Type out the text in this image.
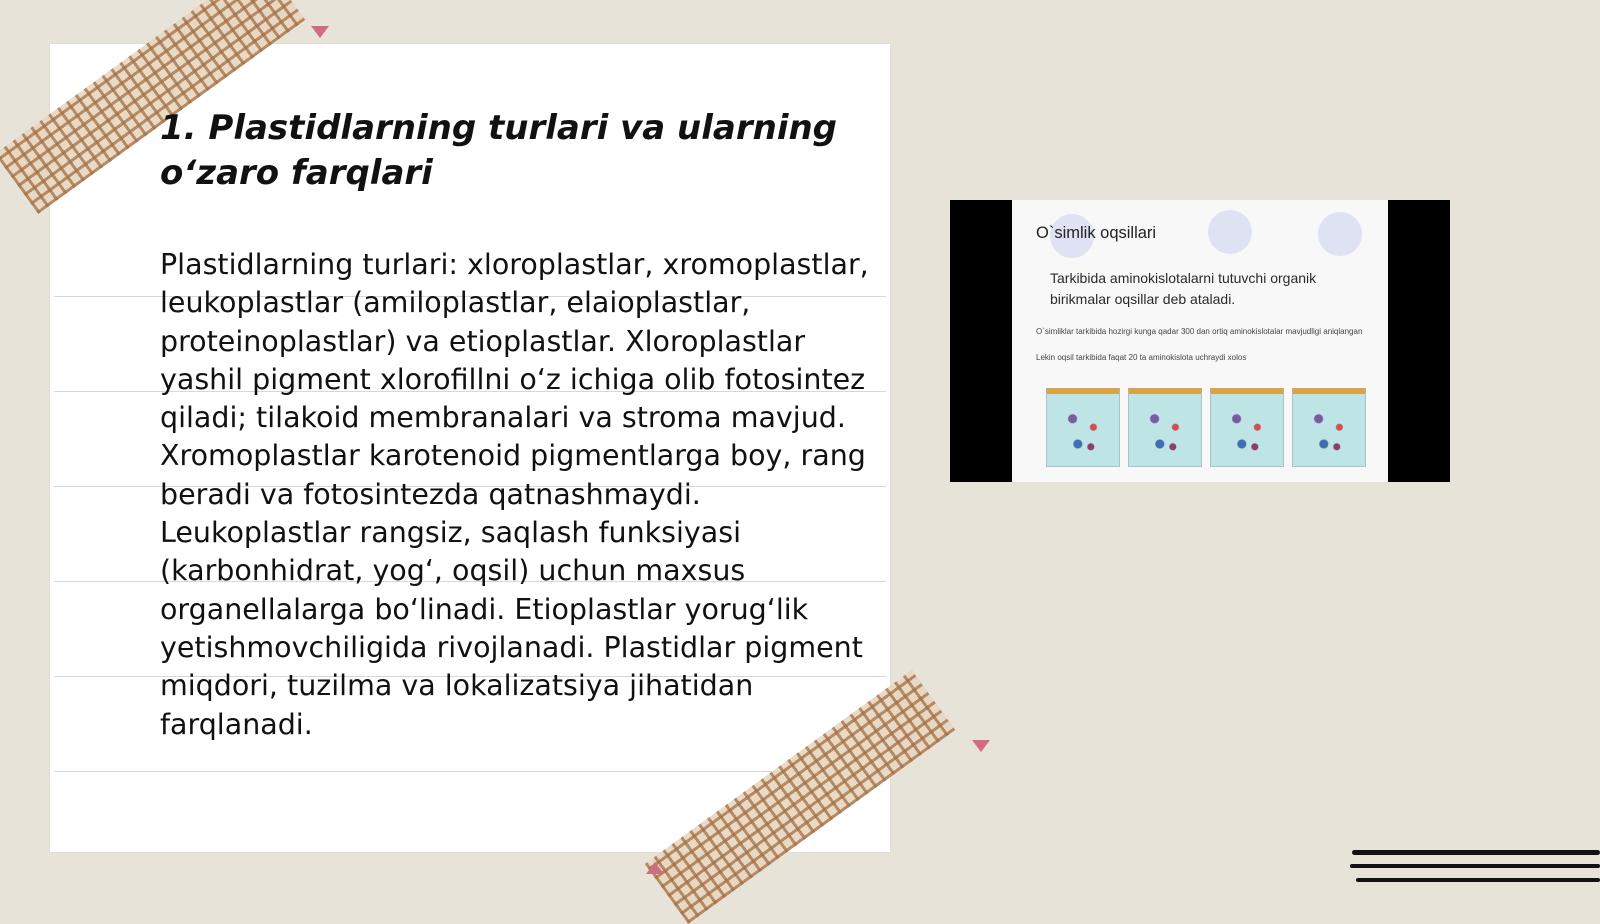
1. Plastidlarning turlari va ularning o‘zaro farqlari

Plastidlarning turlari: xloroplastlar, xromoplastlar, leukoplastlar (amiloplastlar, elaioplastlar, proteinoplastlar) va etioplastlar. Xloroplastlar yashil pigment xlorofillni o‘z ichiga olib fotosintez qiladi; tilakoid membranalari va stroma mavjud. Xromoplastlar karotenoid pigmentlarga boy, rang beradi va fotosintezda qatnashmaydi. Leukoplastlar rangsiz, saqlash funksiyasi (karbonhidrat, yog‘, oqsil) uchun maxsus organellalarga bo‘linadi. Etioplastlar yorug‘lik yetishmovchiligida rivojlanadi. Plastidlar pigment miqdori, tuzilma va lokalizatsiya jihatidan farqlanadi.

O`simlik oqsillari
Tarkibida aminokislotalarni tutuvchi organik birikmalar oqsillar deb ataladi.
O`simliklar tarkibida hozirgi kunga qadar 300 dan ortiq aminokislotalar mavjudligi aniqlangan
Lekin oqsil tarkibida faqat 20 ta aminokislota uchraydi xolos
